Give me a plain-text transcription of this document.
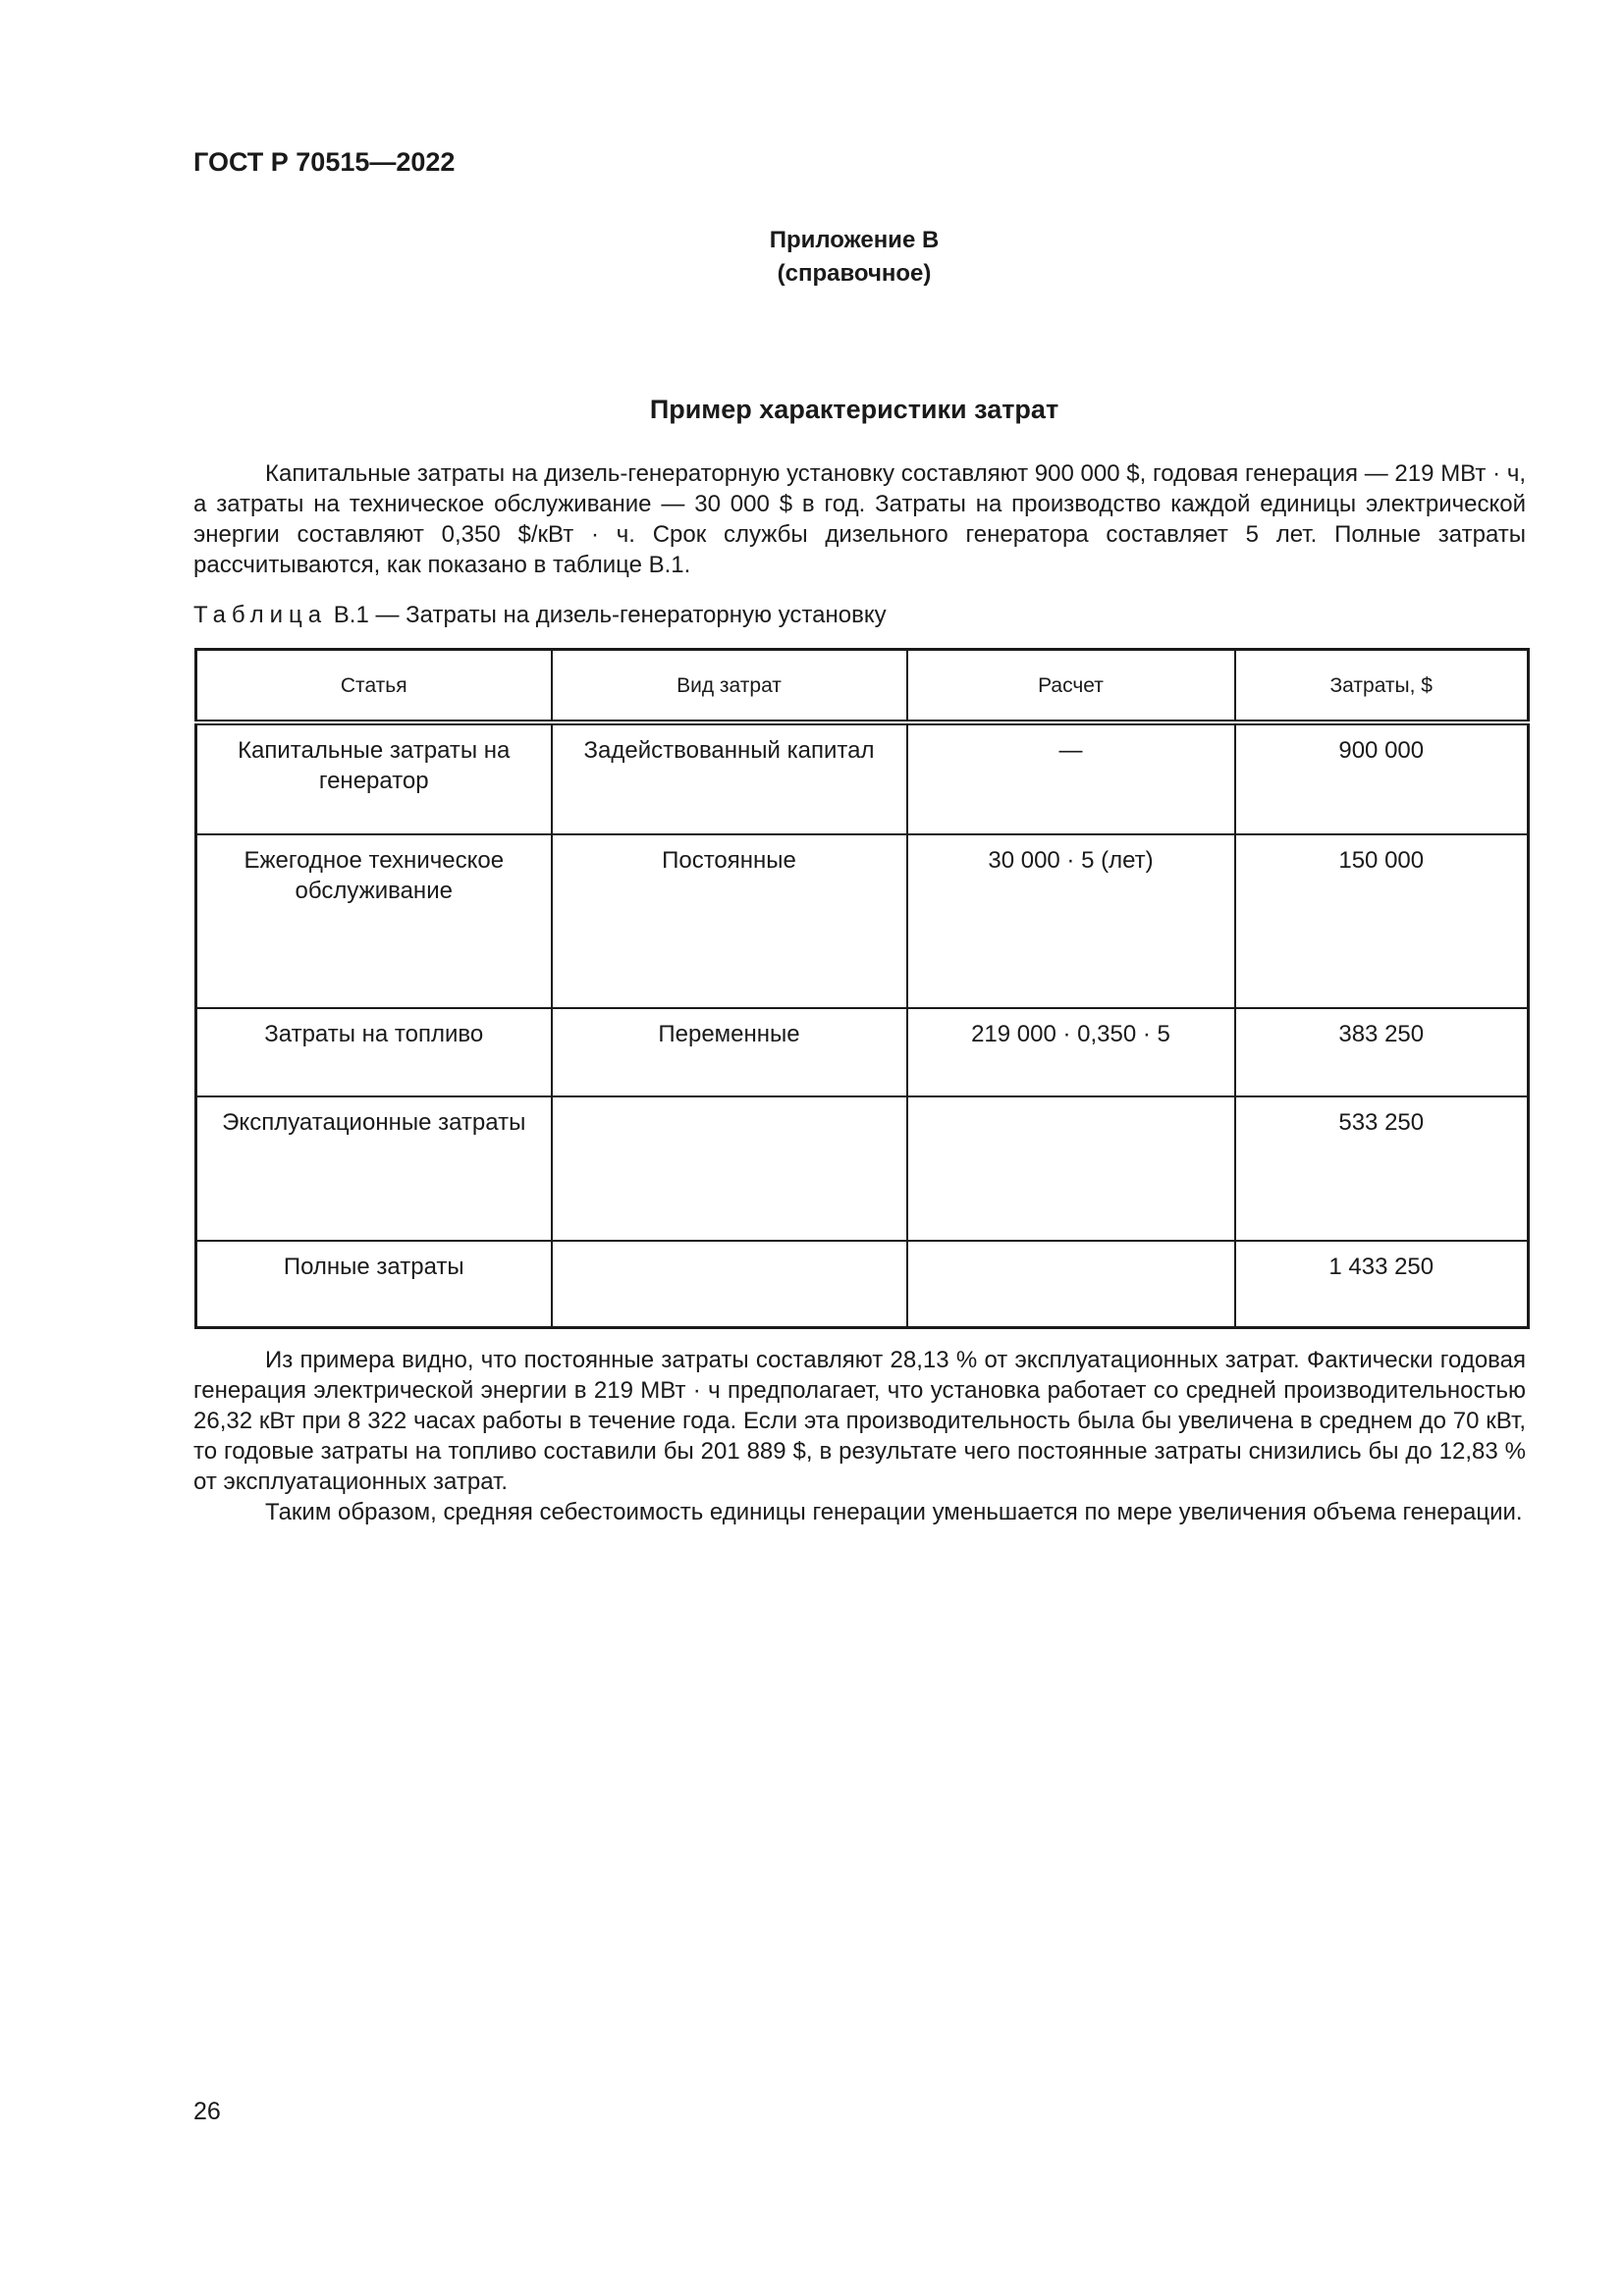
ГОСТ Р 70515—2022
Приложение В
(справочное)
Пример характеристики затрат

Капитальные затраты на дизель-генераторную установку составляют 900 000 $, годовая генерация — 219 МВт · ч, а затраты на техническое обслуживание — 30 000 $ в год. Затраты на производство каждой единицы электрической энергии составляют 0,350 $/кВт · ч. Срок службы дизельного генератора составляет 5 лет. Полные затраты рассчитываются, как показано в таблице В.1.

Таблица В.1 — Затраты на дизель-генераторную установку
Статья	Вид затрат	Расчет	Затраты, $
Капитальные затраты на генератор	Задействованный капитал	—	900 000
Ежегодное техническое обслуживание	Постоянные	30 000 · 5 (лет)	150 000
Затраты на топливо	Переменные	219 000 · 0,350 · 5	383 250
Эксплуатационные затраты			533 250
Полные затраты			1 433 250

Из примера видно, что постоянные затраты составляют 28,13 % от эксплуатационных затрат. Фактически годовая генерация электрической энергии в 219 МВт · ч предполагает, что установка работает со средней производительностью 26,32 кВт при 8 322 часах работы в течение года. Если эта производительность была бы увеличена в среднем до 70 кВт, то годовые затраты на топливо составили бы 201 889 $, в результате чего постоянные затраты снизились бы до 12,83 % от эксплуатационных затрат.

Таким образом, средняя себестоимость единицы генерации уменьшается по мере увеличения объема генерации.

26
